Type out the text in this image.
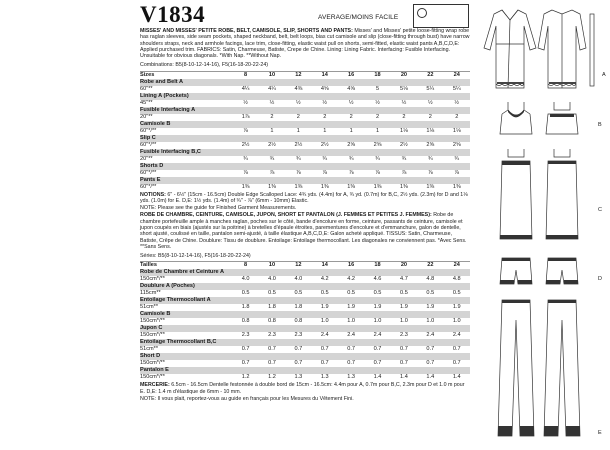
V1834	AVERAGE/MOINS FACILE
MISSES' AND MISSES' PETITE ROBE, BELT, CAMISOLE, SLIP, SHORTS AND PANTS: Misses' and Misses' petite loose-fitting wrap robe has raglan sleeves, side seam pockets, shaped neckband, belt, belt loops, bias cut camisole and slip (close-fitting through bust) have narrow shoulders straps, neck and armhole facings, lace trim, close-fitting, elastic waist pull on shorts, semi-fitted, elastic waist pants A,B,C,D,E: Applied purchased trim. FABRICS: Satin, Charmeuse, Batiste, Crepe de Chine. Lining: Lining Fabric. Interfacing: Fusible Interfacing. Unsuitable for obvious diagonals. *With Nap. **Without Nap.
Combinations: B5(8-10-12-14-16), F5(16-18-20-22-24)
Sizes	8	10	12	14	16	18	20	22	24
Robe and Belt A									
60"**	4¼	4¼	4⅜	4⅝	4⅝	5	5⅛	5¼	5¼
Lining A (Pockets)									
45"**	½	½	½	½	½	½	½	½	½
Fusible Interfacing A									
20"**	1⅞	2	2	2	2	2	2	2	2
Camisole B									
60"*/**	⅞	1	1	1	1	1	1⅛	1⅛	1⅛
Slip C									
60"*/**	2½	2½	2½	2½	2⅝	2⅝	2½	2⅝	2⅝
Fusible Interfacing B,C									
20"**	¾	¾	¾	¾	¾	¾	¾	¾	¾
Shorts D									
60"*/**	⅞	⅞	⅞	⅞	⅞	⅞	⅞	⅞	⅞
Pants E									
60"*/**	1⅜	1⅜	1⅜	1⅜	1⅜	1⅜	1⅜	1⅜	1⅜
NOTIONS: 6" - 6½" (15cm - 16.5cm) Double Edge Scalloped Lace: 4¾ yds. (4.4m) for A, ¾ yd. (0.7m) for B,C, 2½ yds. (2.3m) for D and 1⅛ yds. (1.0m) for E. D,E: 1½ yds. (1.4m) of ¾" - ⅞" (6mm - 10mm) Elastic.
NOTE: Please see the guide for Finished Garment Measurements.
ROBE DE CHAMBRE, CEINTURE, CAMISOLE, JUPON, SHORT ET PANTALON (J. FEMMES ET PETITES J. FEMMES): Robe de chambre portefeuille ample à manches raglan, poches sur le côté, bande d'encolure en forme, ceinture, passants de ceinture, camisole et jupon coupés en biais (ajustés sur la poitrine) à bretelles d'épaule étroites, parementures d'encolure et d'emmanchure, galon de dentelle, short ajusté, coulissé en taille, pantalon semi-ajusté, à taille élastique A,B,C,D,E: Galon acheté appliqué. TISSUS: Satin, Charmeuse, Batiste, Crêpe de Chine. Doublure: Tissu de doublure. Entoilage: Entoilage thermocollant. Les diagonales ne conviennent pas. *Avec Sens. **Sans Sens.
Séries: B5(8-10-12-14-16), F5(16-18-20-22-24)
Tailles	8	10	12	14	16	18	20	22	24
Robe de Chambre et Ceinture A									
150cm*/**	4.0	4.0	4.0	4.2	4.2	4.6	4.7	4.8	4.8
Doublure A (Poches)									
115cm**	0.5	0.5	0.5	0.5	0.5	0.5	0.5	0.5	0.5
Entoilage Thermocollant A									
51cm**	1.8	1.8	1.8	1.9	1.9	1.9	1.9	1.9	1.9
Camisole B									
150cm*/**	0.8	0.8	0.8	1.0	1.0	1.0	1.0	1.0	1.0
Jupon C									
150cm*/**	2.3	2.3	2.3	2.4	2.4	2.4	2.3	2.4	2.4
Entoilage Thermocollant B,C									
51cm**	0.7	0.7	0.7	0.7	0.7	0.7	0.7	0.7	0.7
Short D									
150cm*/**	0.7	0.7	0.7	0.7	0.7	0.7	0.7	0.7	0.7
Pantalon E									
150cm*/**	1.2	1.2	1.3	1.3	1.3	1.4	1.4	1.4	1.4
MERCERIE: 6.5cm - 16.5cm Dentelle festonnée à double bord de 15cm - 16.5cm: 4.4m pour A, 0.7m pour B,C, 2.3m pour D et 1.0 m pour E. D,E: 1.4 m d'élastique de 6mm - 10 mm.
NOTE: Il vous plait, reportez-vous au guide en français pour les Mesures du Vêtement Fini.
A
B
C
D
E
